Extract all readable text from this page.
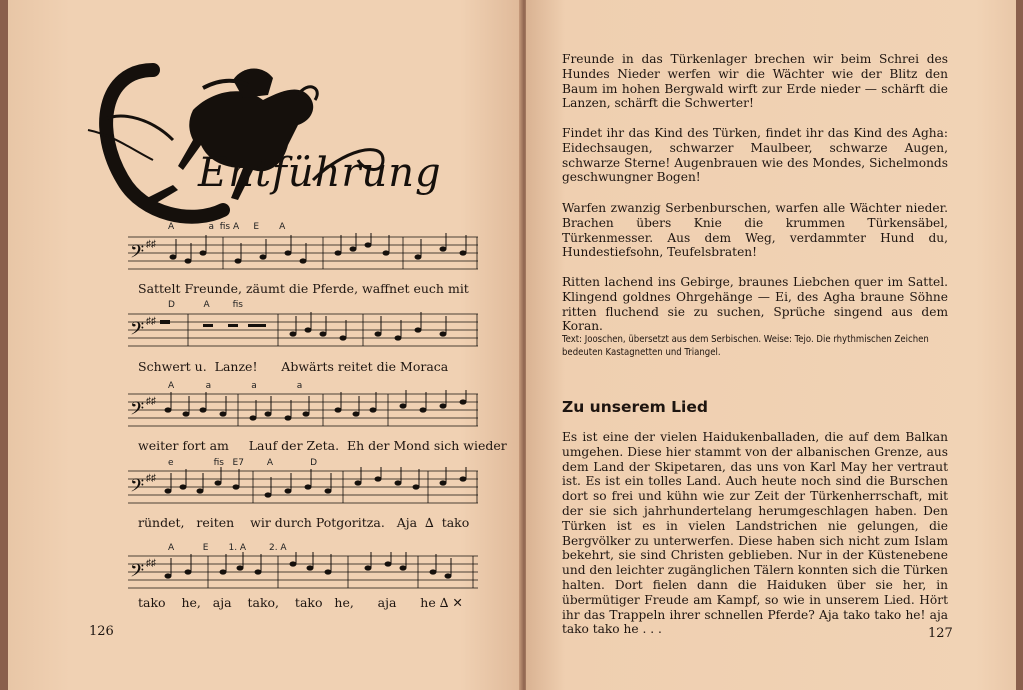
Entführung
A            a  fis A     E       A
𝄢 ♯♯
Sattelt Freunde, zäumt die Pferde, waffnet euch mit
D          A        fis
𝄢 ♯♯
Schwert u.  Lanze!      Abwärts reitet die Moraca
A           a              a              a
𝄢 ♯♯
weiter fort am     Lauf der Zeta.  Eh der Mond sich wieder
e              fis   E7        A             D
𝄢 ♯♯
ründet,   reiten    wir durch Potgoritza.   Aja  ∆  tako
A          E       1. A        2. A
𝄢 ♯♯
tako    he,   aja    tako,    tako   he,      aja      he ∆ ✕
126

Freunde in das Türkenlager brechen wir beim Schrei des Hundes Nieder werfen wir die Wächter wie der Blitz den Baum im hohen Bergwald wirft zur Erde nieder — schärft die Lanzen, schärft die Schwerter!

Findet ihr das Kind des Türken, findet ihr das Kind des Agha: Eidechsaugen, schwarzer Maulbeer, schwarze Augen, schwarze Sterne! Augenbrauen wie des Mondes, Sichelmonds geschwungner Bogen!

Warfen zwanzig Serbenburschen, warfen alle Wächter nieder. Brachen übers Knie die krummen Türkensäbel, Türkenmesser. Aus dem Weg, verdammter Hund du, Hundestiefsohn, Teufelsbraten!

Ritten lachend ins Gebirge, braunes Liebchen quer im Sattel. Klingend goldnes Ohrgehänge — Ei, des Agha braune Söhne ritten fluchend sie zu suchen, Sprüche singend aus dem Koran.

Text: Jooschen, übersetzt aus dem Serbischen. Weise: Tejo. Die rhythmischen Zeichen bedeuten Kastagnetten und Triangel.

Zu unserem Lied

Es ist eine der vielen Haidukenballaden, die auf dem Balkan umgehen. Diese hier stammt von der albanischen Grenze, aus dem Land der Skipetaren, das uns von Karl May her vertraut ist. Es ist ein tolles Land. Auch heute noch sind die Burschen dort so frei und kühn wie zur Zeit der Türkenherrschaft, mit der sie sich jahrhundertelang herumgeschlagen haben. Den Türken ist es in vielen Landstrichen nie gelungen, die Bergvölker zu unterwerfen. Diese haben sich nicht zum Islam bekehrt, sie sind Christen geblieben. Nur in der Küstenebene und den leichter zugänglichen Tälern konnten sich die Türken halten. Dort fielen dann die Haiduken über sie her, in übermütiger Freude am Kampf, so wie in unserem Lied. Hört ihr das Trappeln ihrer schnellen Pferde? Aja tako tako he! aja tako tako he . . .	127
